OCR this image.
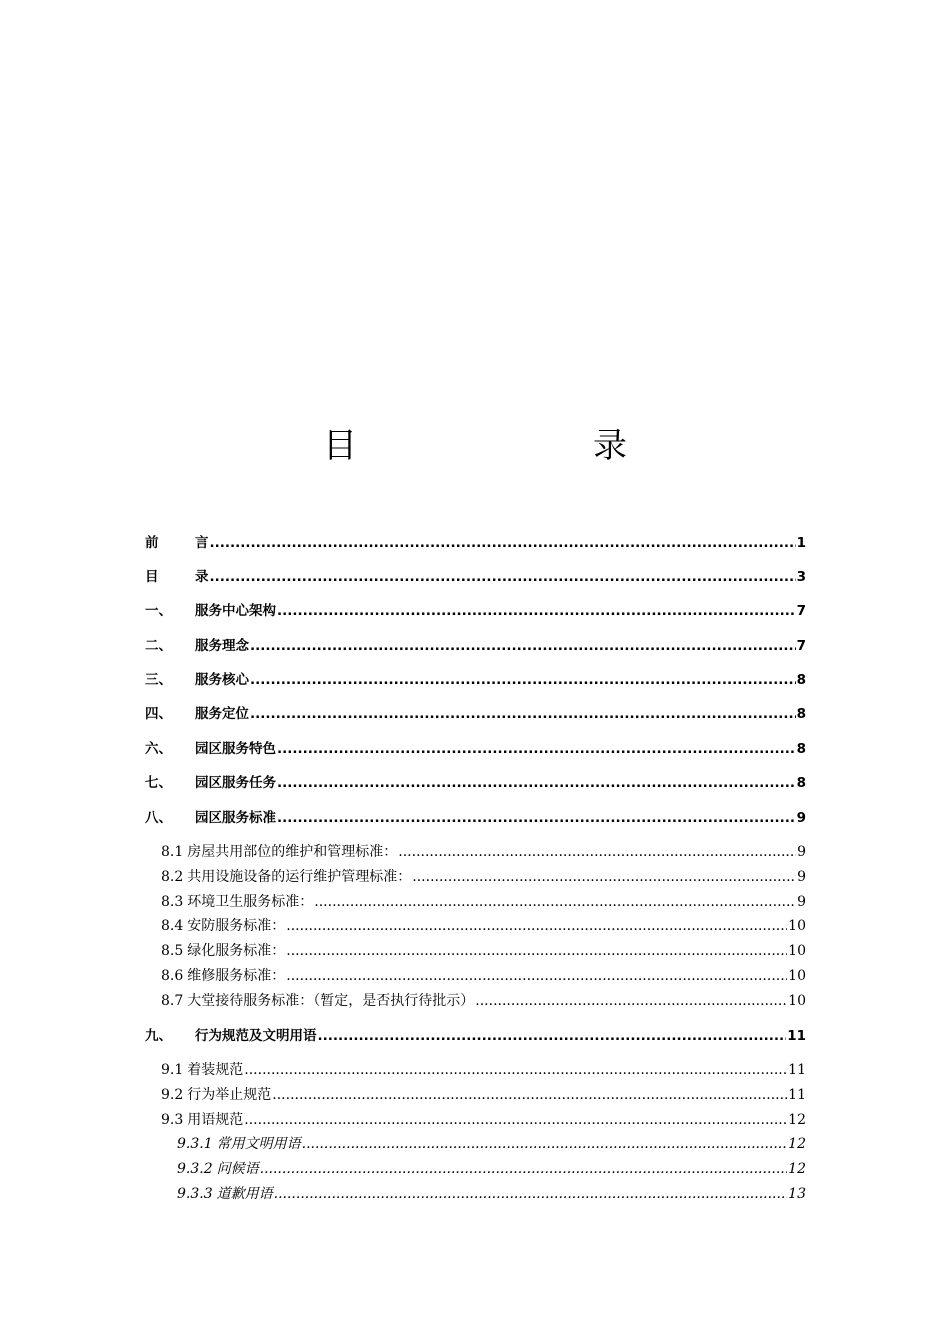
目　　录
前	言 .....	1
目	录 .....	3
一、	服务中心架构 .....	7
二、	服务理念 .....	7
三、	服务核心 .....	8
四、	服务定位 .....	8
六、	园区服务特色 .....	8
七、	园区服务任务 .....	8
八、	园区服务标准 .....	9
8.1 房屋共用部位的维护和管理标准： .....	9
8.2 共用设施设备的运行维护管理标准： .....	9
8.3 环境卫生服务标准： .....	9
8.4 安防服务标准： .....	10
8.5 绿化服务标准： .....	10
8.6 维修服务标准： .....	10
8.7 大堂接待服务标准：（暂定，是否执行待批示） .....	10
九、	行为规范及文明用语 .....	11
9.1 着装规范 .....	11
9.2 行为举止规范 .....	11
9.3 用语规范 .....	12
9.3.1 常用文明用语 .....	12
9.3.2 问候语 .....	12
9.3.3 道歉用语 .....	13
